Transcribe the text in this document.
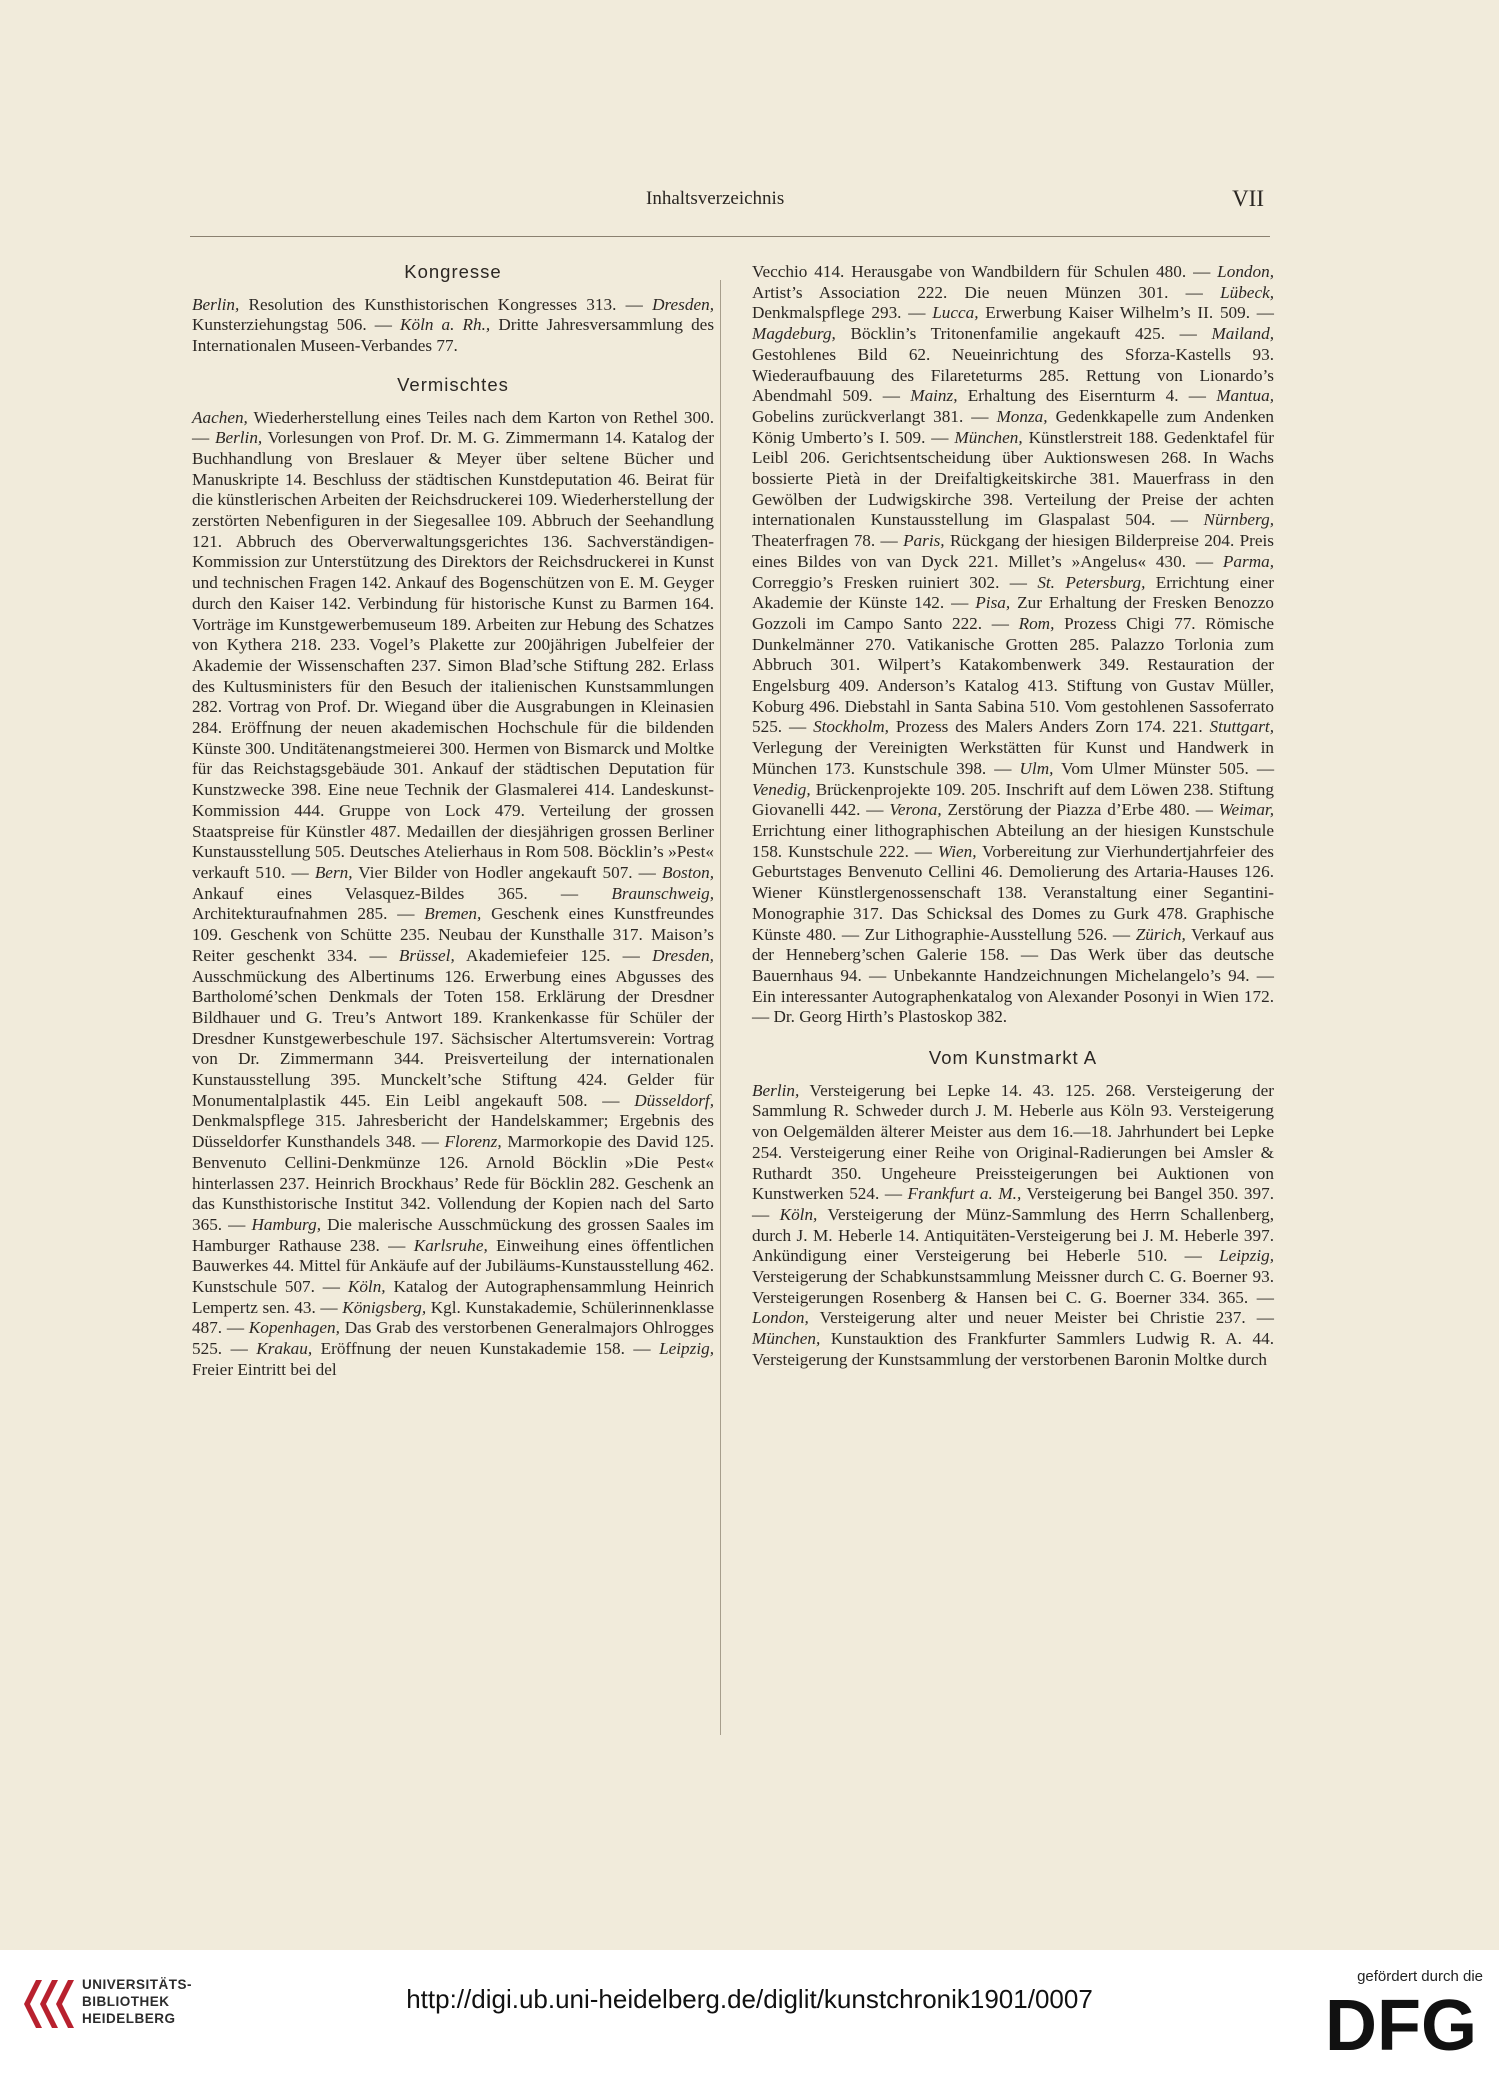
Inhaltsverzeichnis	VII
Kongresse

Berlin, Resolution des Kunsthistorischen Kongresses 313. — Dresden, Kunsterziehungstag 506. — Köln a. Rh., Dritte Jahresversammlung des Internationalen Museen-Verbandes 77.

Vermischtes

Aachen, Wiederherstellung eines Teiles nach dem Karton von Rethel 300. — Berlin, Vorlesungen von Prof. Dr. M. G. Zimmermann 14. Katalog der Buchhandlung von Breslauer & Meyer über seltene Bücher und Manuskripte 14. Beschluss der städtischen Kunstdeputation 46. Beirat für die künstlerischen Arbeiten der Reichsdruckerei 109. Wiederherstellung der zerstörten Nebenfiguren in der Siegesallee 109. Abbruch der Seehandlung 121. Abbruch des Oberverwaltungsgerichtes 136. Sachverständigen-Kommission zur Unterstützung des Direktors der Reichsdruckerei in Kunst und technischen Fragen 142. Ankauf des Bogenschützen von E. M. Geyger durch den Kaiser 142. Verbindung für historische Kunst zu Barmen 164. Vorträge im Kunstgewerbemuseum 189. Arbeiten zur Hebung des Schatzes von Kythera 218. 233. Vogel’s Plakette zur 200jährigen Jubelfeier der Akademie der Wissenschaften 237. Simon Blad’sche Stiftung 282. Erlass des Kultusministers für den Besuch der italienischen Kunstsammlungen 282. Vortrag von Prof. Dr. Wiegand über die Ausgrabungen in Kleinasien 284. Eröffnung der neuen akademischen Hochschule für die bildenden Künste 300. Unditätenangstmeierei 300. Hermen von Bismarck und Moltke für das Reichstagsgebäude 301. Ankauf der städtischen Deputation für Kunstzwecke 398. Eine neue Technik der Glasmalerei 414. Landeskunst-Kommission 444. Gruppe von Lock 479. Verteilung der grossen Staatspreise für Künstler 487. Medaillen der diesjährigen grossen Berliner Kunstausstellung 505. Deutsches Atelierhaus in Rom 508. Böcklin’s »Pest« verkauft 510. — Bern, Vier Bilder von Hodler angekauft 507. — Boston, Ankauf eines Velasquez-Bildes 365. — Braunschweig, Architekturaufnahmen 285. — Bremen, Geschenk eines Kunstfreundes 109. Geschenk von Schütte 235. Neubau der Kunsthalle 317. Maison’s Reiter geschenkt 334. — Brüssel, Akademiefeier 125. — Dresden, Ausschmückung des Albertinums 126. Erwerbung eines Abgusses des Bartholomé’schen Denkmals der Toten 158. Erklärung der Dresdner Bildhauer und G. Treu’s Antwort 189. Krankenkasse für Schüler der Dresdner Kunstgewerbeschule 197. Sächsischer Altertumsverein: Vortrag von Dr. Zimmermann 344. Preisverteilung der internationalen Kunstausstellung 395. Munckelt’sche Stiftung 424. Gelder für Monumentalplastik 445. Ein Leibl angekauft 508. — Düsseldorf, Denkmalspflege 315. Jahresbericht der Handelskammer; Ergebnis des Düsseldorfer Kunsthandels 348. — Florenz, Marmorkopie des David 125. Benvenuto Cellini-Denkmünze 126. Arnold Böcklin »Die Pest« hinterlassen 237. Heinrich Brockhaus’ Rede für Böcklin 282. Geschenk an das Kunsthistorische Institut 342. Vollendung der Kopien nach del Sarto 365. — Hamburg, Die malerische Ausschmückung des grossen Saales im Hamburger Rathause 238. — Karlsruhe, Einweihung eines öffentlichen Bauwerkes 44. Mittel für Ankäufe auf der Jubiläums-Kunstausstellung 462. Kunstschule 507. — Köln, Katalog der Autographensammlung Heinrich Lempertz sen. 43. — Königsberg, Kgl. Kunstakademie, Schülerinnenklasse 487. — Kopenhagen, Das Grab des verstorbenen Generalmajors Ohlrogges 525. — Krakau, Eröffnung der neuen Kunstakademie 158. — Leipzig, Freier Eintritt bei del

Vecchio 414. Herausgabe von Wandbildern für Schulen 480. — London, Artist’s Association 222. Die neuen Münzen 301. — Lübeck, Denkmalspflege 293. — Lucca, Erwerbung Kaiser Wilhelm’s II. 509. — Magdeburg, Böcklin’s Tritonenfamilie angekauft 425. — Mailand, Gestohlenes Bild 62. Neueinrichtung des Sforza-Kastells 93. Wiederaufbauung des Filareteturms 285. Rettung von Lionardo’s Abendmahl 509. — Mainz, Erhaltung des Eisernturm 4. — Mantua, Gobelins zurückverlangt 381. — Monza, Gedenkkapelle zum Andenken König Umberto’s I. 509. — München, Künstlerstreit 188. Gedenktafel für Leibl 206. Gerichtsentscheidung über Auktionswesen 268. In Wachs bossierte Pietà in der Dreifaltigkeitskirche 381. Mauerfrass in den Gewölben der Ludwigskirche 398. Verteilung der Preise der achten internationalen Kunstausstellung im Glaspalast 504. — Nürnberg, Theaterfragen 78. — Paris, Rückgang der hiesigen Bilderpreise 204. Preis eines Bildes von van Dyck 221. Millet’s »Angelus« 430. — Parma, Correggio’s Fresken ruiniert 302. — St. Petersburg, Errichtung einer Akademie der Künste 142. — Pisa, Zur Erhaltung der Fresken Benozzo Gozzoli im Campo Santo 222. — Rom, Prozess Chigi 77. Römische Dunkelmänner 270. Vatikanische Grotten 285. Palazzo Torlonia zum Abbruch 301. Wilpert’s Katakombenwerk 349. Restauration der Engelsburg 409. Anderson’s Katalog 413. Stiftung von Gustav Müller, Koburg 496. Diebstahl in Santa Sabina 510. Vom gestohlenen Sassoferrato 525. — Stockholm, Prozess des Malers Anders Zorn 174. 221. Stuttgart, Verlegung der Vereinigten Werkstätten für Kunst und Handwerk in München 173. Kunstschule 398. — Ulm, Vom Ulmer Münster 505. — Venedig, Brückenprojekte 109. 205. Inschrift auf dem Löwen 238. Stiftung Giovanelli 442. — Verona, Zerstörung der Piazza d’Erbe 480. — Weimar, Errichtung einer lithographischen Abteilung an der hiesigen Kunstschule 158. Kunstschule 222. — Wien, Vorbereitung zur Vierhundertjahrfeier des Geburtstages Benvenuto Cellini 46. Demolierung des Artaria-Hauses 126. Wiener Künstlergenossenschaft 138. Veranstaltung einer Segantini-Monographie 317. Das Schicksal des Domes zu Gurk 478. Graphische Künste 480. — Zur Lithographie-Ausstellung 526. — Zürich, Verkauf aus der Henneberg’schen Galerie 158. — Das Werk über das deutsche Bauernhaus 94. — Unbekannte Handzeichnungen Michelangelo’s 94. — Ein interessanter Autographenkatalog von Alexander Posonyi in Wien 172. — Dr. Georg Hirth’s Plastoskop 382.

Vom Kunstmarkt A

Berlin, Versteigerung bei Lepke 14. 43. 125. 268. Versteigerung der Sammlung R. Schweder durch J. M. Heberle aus Köln 93. Versteigerung von Oelgemälden älterer Meister aus dem 16.—18. Jahrhundert bei Lepke 254. Versteigerung einer Reihe von Original-Radierungen bei Amsler & Ruthardt 350. Ungeheure Preissteigerungen bei Auktionen von Kunstwerken 524. — Frankfurt a. M., Versteigerung bei Bangel 350. 397. — Köln, Versteigerung der Münz-Sammlung des Herrn Schallenberg, durch J. M. Heberle 14. Antiquitäten-Versteigerung bei J. M. Heberle 397. Ankündigung einer Versteigerung bei Heberle 510. — Leipzig, Versteigerung der Schabkunstsammlung Meissner durch C. G. Boerner 93. Versteigerungen Rosenberg & Hansen bei C. G. Boerner 334. 365. — London, Versteigerung alter und neuer Meister bei Christie 237. — München, Kunstauktion des Frankfurter Sammlers Ludwig R. A. 44. Versteigerung der Kunstsammlung der verstorbenen Baronin Moltke durch

UNIVERSITÄTS-
BIBLIOTHEK
HEIDELBERG
http://digi.ub.uni-heidelberg.de/diglit/kunstchronik1901/0007
gefördert durch die
DFG
